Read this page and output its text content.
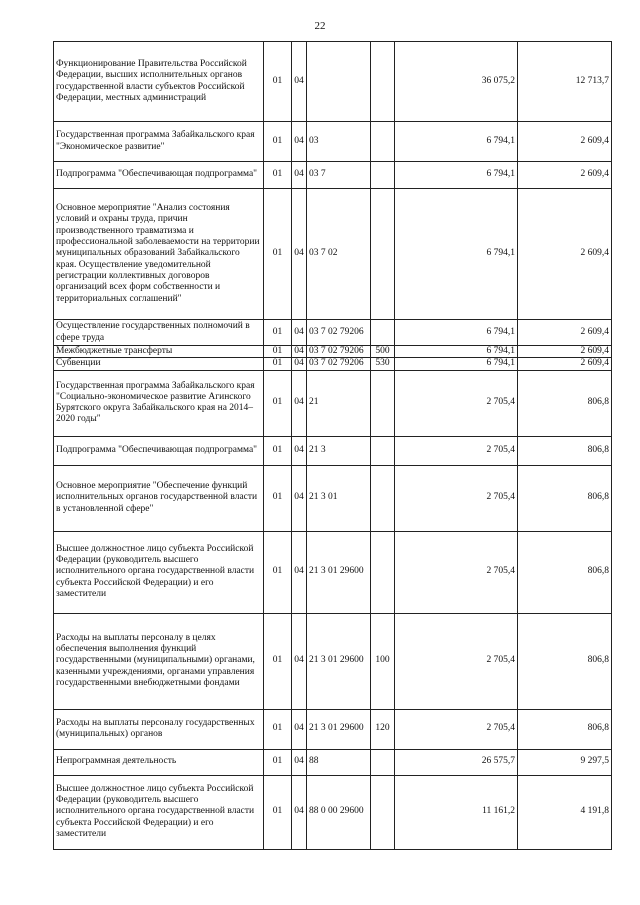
22
Функционирование Правительства Российской Федерации, высших исполнительных органов государственной власти субъектов Российской Федерации, местных администраций	01	04			36 075,2	12 713,7
Государственная программа Забайкальского края "Экономическое развитие"	01	04	03		6 794,1	2 609,4
Подпрограмма "Обеспечивающая подпрограмма"	01	04	03 7		6 794,1	2 609,4
Основное мероприятие "Анализ состояния условий и охраны труда, причин производственного травматизма и профессиональной заболеваемости на территории муниципальных образований Забайкальского края. Осуществление уведомительной регистрации коллективных договоров организаций всех форм собственности и территориальных соглашений"	01	04	03 7 02		6 794,1	2 609,4
Осуществление государственных полномочий в сфере труда	01	04	03 7 02 79206		6 794,1	2 609,4
Межбюджетные трансферты	01	04	03 7 02 79206	500	6 794,1	2 609,4
Субвенции	01	04	03 7 02 79206	530	6 794,1	2 609,4
Государственная программа Забайкальского края "Социально-экономическое развитие Агинского Бурятского округа Забайкальского края на 2014–2020 годы"	01	04	21		2 705,4	806,8
Подпрограмма "Обеспечивающая подпрограмма"	01	04	21 3		2 705,4	806,8
Основное мероприятие "Обеспечение функций исполнительных органов государственной власти в установленной сфере"	01	04	21 3 01		2 705,4	806,8
Высшее должностное лицо субъекта Российской Федерации (руководитель высшего исполнительного органа государственной власти субъекта Российской Федерации) и его заместители	01	04	21 3 01 29600		2 705,4	806,8
Расходы на выплаты персоналу в целях обеспечения выполнения функций государственными (муниципальными) органами, казенными учреждениями, органами управления государственными внебюджетными фондами	01	04	21 3 01 29600	100	2 705,4	806,8
Расходы на выплаты персоналу государственных (муниципальных) органов	01	04	21 3 01 29600	120	2 705,4	806,8
Непрограммная деятельность	01	04	88		26 575,7	9 297,5
Высшее должностное лицо субъекта Российской Федерации (руководитель высшего исполнительного органа государственной власти субъекта Российской Федерации) и его заместители	01	04	88 0 00 29600		11 161,2	4 191,8
